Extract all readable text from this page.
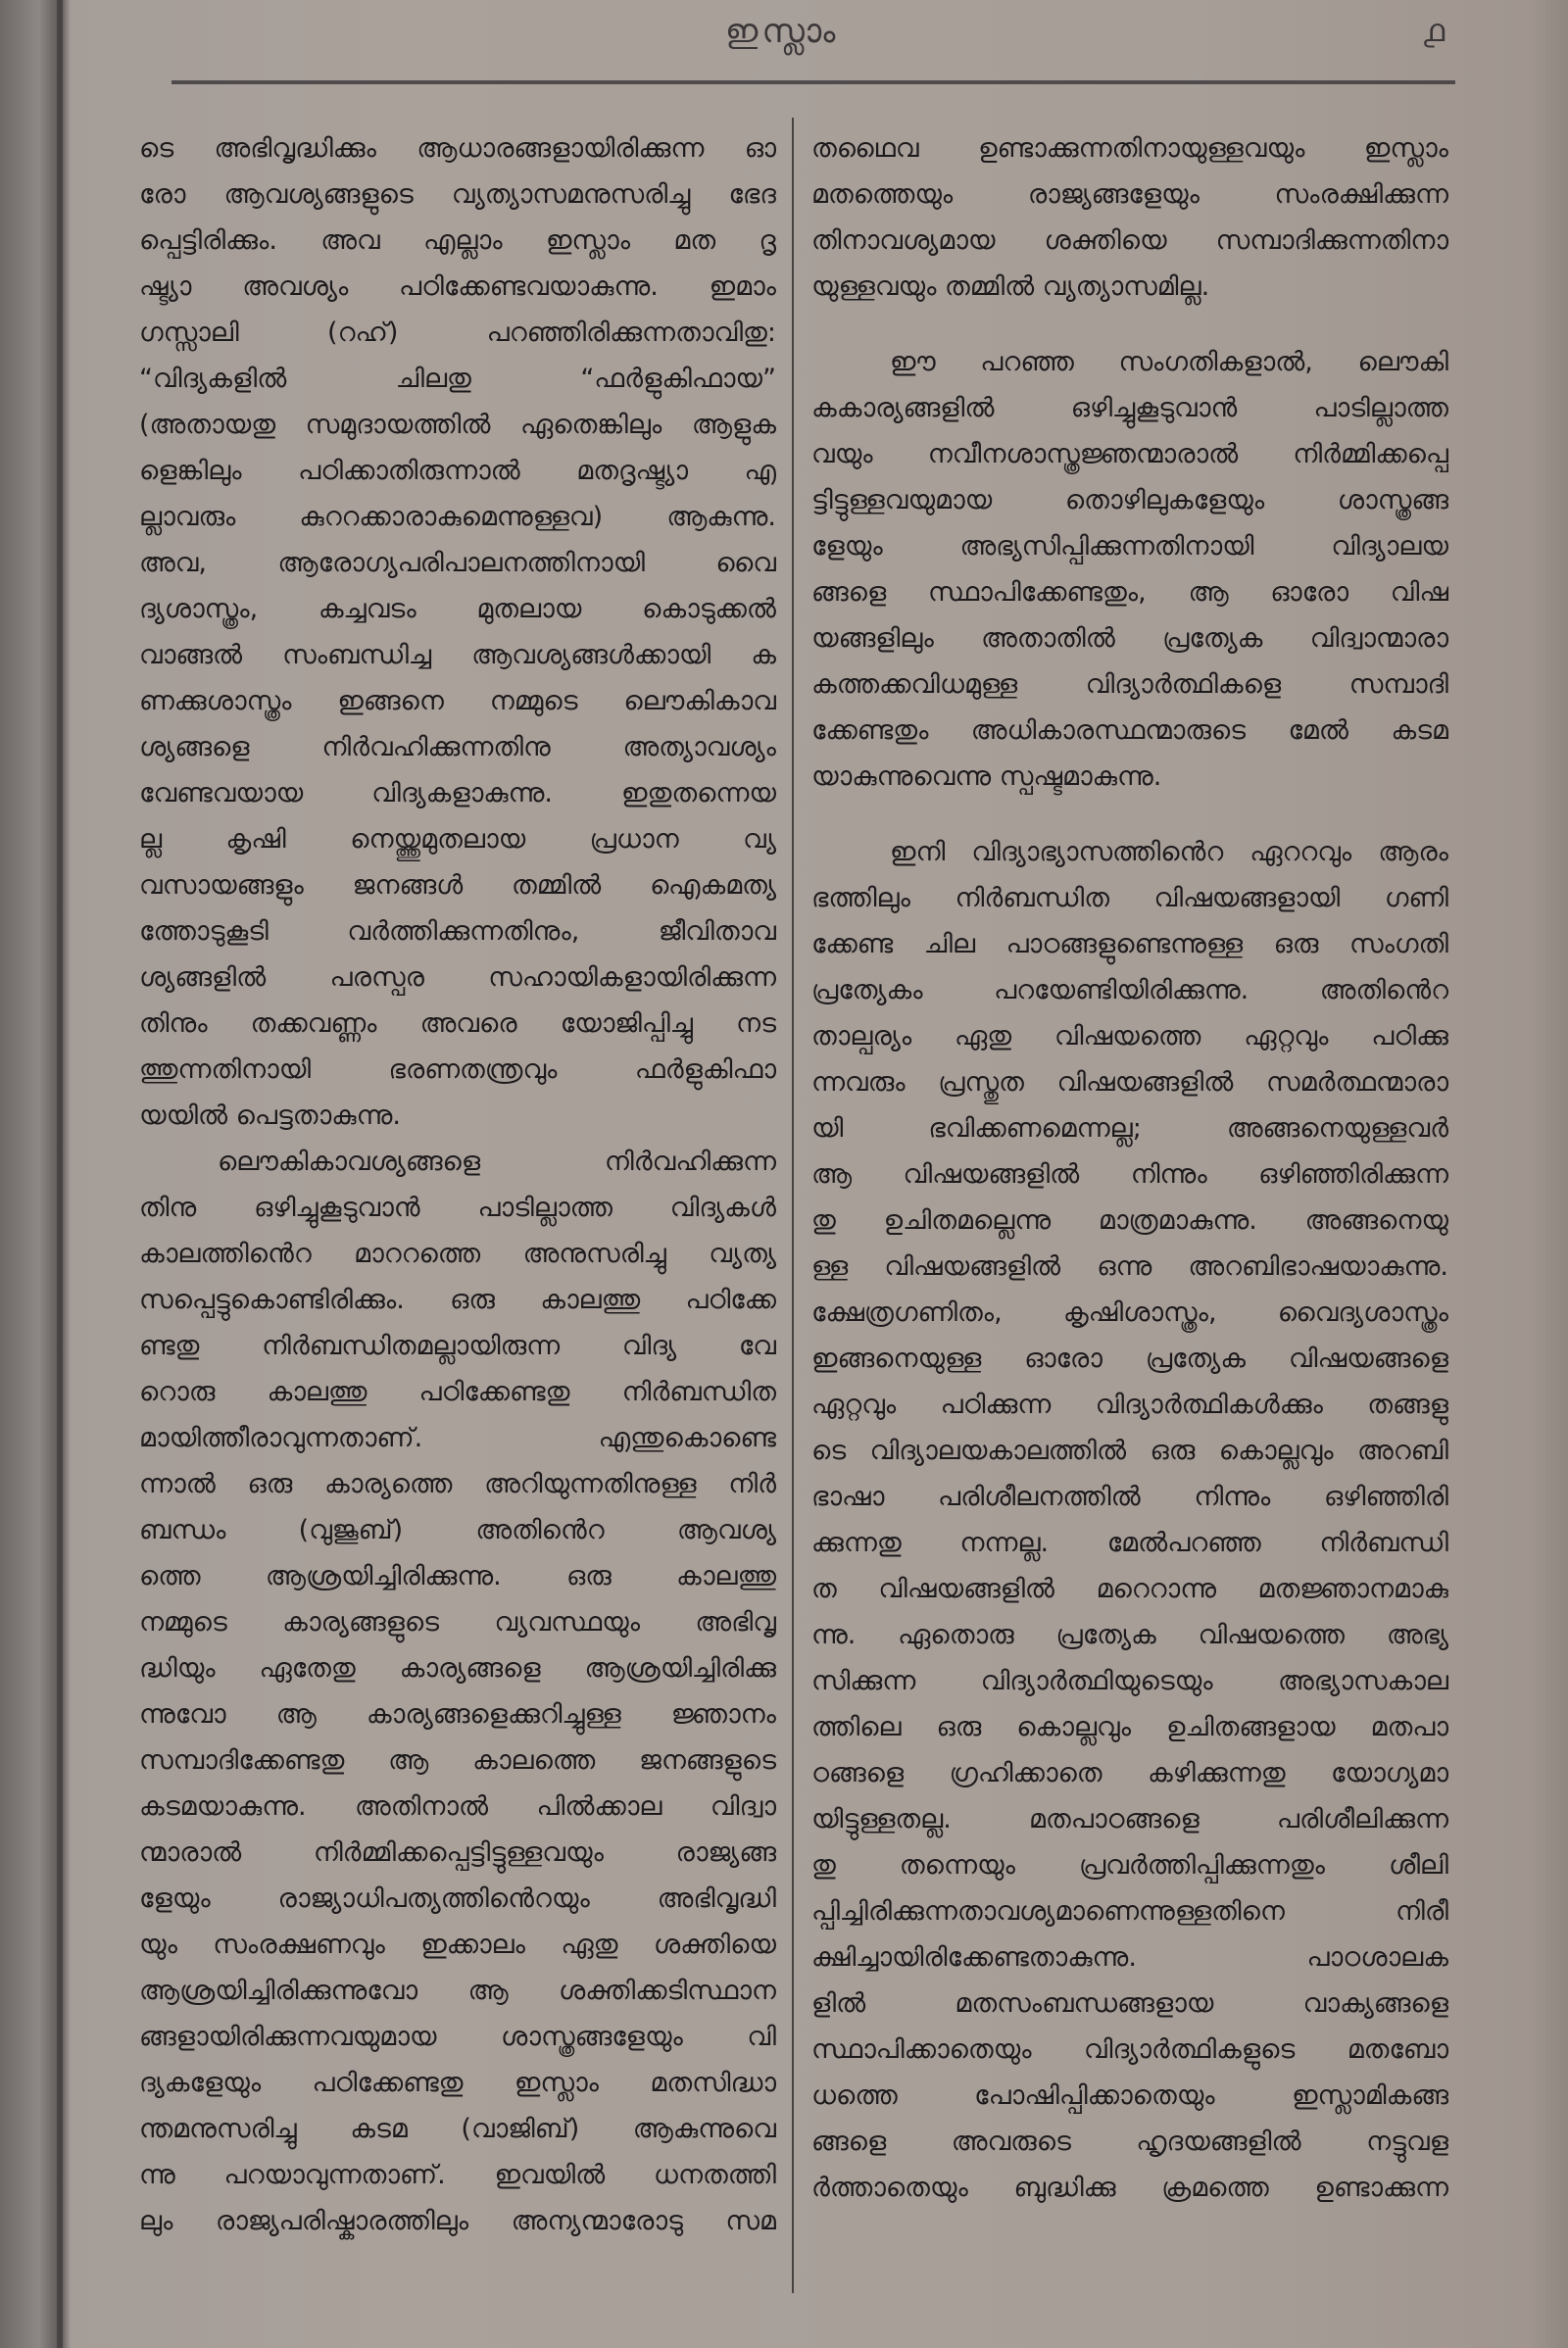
ഇസ്ലാം	൧
ടെ അഭിവൃദ്ധിക്കും ആധാരങ്ങളായിരിക്കുന്ന ഓ
രോ ആവശ്യങ്ങളുടെ വ്യത്യാസമനുസരിച്ചു ഭേദ
പ്പെട്ടിരിക്കും. അവ എല്ലാം ഇസ്ലാം മത ദൃ
ഷ്ട്യാ അവശ്യം പഠിക്കേണ്ടവയാകുന്നു. ഇമാം
ഗസ്സാലി (റഹ്) പറഞ്ഞിരിക്കുന്നതാവിതു:
“വിദ്യകളിൽ ചിലതു “ഫർളുകിഫായ”
(അതായതു സമുദായത്തിൽ ഏതെങ്കിലും ആളുക
ളെങ്കിലും പഠിക്കാതിരുന്നാൽ മതദൃഷ്ട്യാ എ
ല്ലാവരും കുററക്കാരാകുമെന്നുള്ളവ) ആകുന്നു.
അവ, ആരോഗ്യപരിപാലനത്തിനായി വൈ
ദ്യശാസ്ത്രം, കച്ചവടം മുതലായ കൊടുക്കൽ
വാങ്ങൽ സംബന്ധിച്ച ആവശ്യങ്ങൾക്കായി ക
ണക്കുശാസ്ത്രം ഇങ്ങനെ നമ്മുടെ ലൌകികാവ
ശ്യങ്ങളെ നിർവഹിക്കുന്നതിനു അത്യാവശ്യം
വേണ്ടവയായ വിദ്യകളാകുന്നു. ഇതുതന്നെയ
ല്ല കൃഷി നെയ്ത്തുമുതലായ പ്രധാന വ്യ
വസായങ്ങളും ജനങ്ങൾ തമ്മിൽ ഐകമത്യ
ത്തോടുകൂടി വർത്തിക്കുന്നതിനും, ജീവിതാവ
ശ്യങ്ങളിൽ പരസ്പര സഹായികളായിരിക്കുന്ന
തിനും തക്കവണ്ണം അവരെ യോജിപ്പിച്ചു നട
ത്തുന്നതിനായി ഭരണതന്ത്രവും ഫർളുകിഫാ
യയിൽ പെട്ടതാകുന്നു.
ലൌകികാവശ്യങ്ങളെ നിർവഹിക്കുന്ന
തിനു ഒഴിച്ചുകൂടുവാൻ പാടില്ലാത്ത വിദ്യകൾ
കാലത്തിൻെറ മാററത്തെ അനുസരിച്ചു വ്യത്യ
സപ്പെട്ടുകൊണ്ടിരിക്കും. ഒരു കാലത്തു പഠിക്കേ
ണ്ടതു നിർബന്ധിതമല്ലായിരുന്ന വിദ്യ വേ
റൊരു കാലത്തു പഠിക്കേണ്ടതു നിർബന്ധിത
മായിത്തീരാവുന്നതാണ്. എന്തുകൊണ്ടെ
ന്നാൽ ഒരു കാര്യത്തെ അറിയുന്നതിനുള്ള നിർ
ബന്ധം (വുജൂബ്) അതിൻെറ ആവശ്യ
ത്തെ ആശ്രയിച്ചിരിക്കുന്നു. ഒരു കാലത്തു
നമ്മുടെ കാര്യങ്ങളുടെ വ്യവസ്ഥയും അഭിവൃ
ദ്ധിയും ഏതേതു കാര്യങ്ങളെ ആശ്രയിച്ചിരിക്കു
ന്നുവോ ആ കാര്യങ്ങളെക്കുറിച്ചുള്ള ജ്ഞാനം
സമ്പാദിക്കേണ്ടതു ആ കാലത്തെ ജനങ്ങളുടെ
കടമയാകുന്നു. അതിനാൽ പിൽക്കാല വിദ്വാ
ന്മാരാൽ നിർമ്മിക്കപ്പെട്ടിട്ടുള്ളവയും രാജ്യങ്ങ
ളേയും രാജ്യാധിപത്യത്തിൻെറയും അഭിവൃദ്ധി
യും സംരക്ഷണവും ഇക്കാലം ഏതു ശക്തിയെ
ആശ്രയിച്ചിരിക്കുന്നുവോ ആ ശക്തിക്കടിസ്ഥാന
ങ്ങളായിരിക്കുന്നവയുമായ ശാസ്ത്രങ്ങളേയും വി
ദ്യകളേയും പഠിക്കേണ്ടതു ഇസ്ലാം മതസിദ്ധാ
ന്തമനുസരിച്ചു കടമ (വാജിബ്) ആകുന്നുവെ
ന്നു പറയാവുന്നതാണ്. ഇവയിൽ ധനതത്തി
ലും രാജ്യപരിഷ്കാരത്തിലും അന്യന്മാരോടു സമ
തഥൈവ ഉണ്ടാക്കുന്നതിനായുള്ളവയും ഇസ്ലാം
മതത്തെയും രാജ്യങ്ങളേയും സംരക്ഷിക്കുന്ന
തിനാവശ്യമായ ശക്തിയെ സമ്പാദിക്കുന്നതിനാ
യുള്ളവയും തമ്മിൽ വ്യത്യാസമില്ല.
ഈ പറഞ്ഞ സംഗതികളാൽ, ലൌകി
കകാര്യങ്ങളിൽ ഒഴിച്ചുകൂടുവാൻ പാടില്ലാത്ത
വയും നവീനശാസ്ത്രജ്ഞന്മാരാൽ നിർമ്മിക്കപ്പെ
ട്ടിട്ടുള്ളവയുമായ തൊഴിലുകളേയും ശാസ്ത്രങ്ങ
ളേയും അഭ്യസിപ്പിക്കുന്നതിനായി വിദ്യാലയ
ങ്ങളെ സ്ഥാപിക്കേണ്ടതും, ആ ഓരോ വിഷ
യങ്ങളിലും അതാതിൽ പ്രത്യേക വിദ്വാന്മാരാ
കത്തക്കവിധമുള്ള വിദ്യാർത്ഥികളെ സമ്പാദി
ക്കേണ്ടതും അധികാരസ്ഥന്മാരുടെ മേൽ കടമ
യാകുന്നുവെന്നു സ്പഷ്ടമാകുന്നു.
ഇനി വിദ്യാഭ്യാസത്തിൻെറ ഏററവും ആരം
ഭത്തിലും നിർബന്ധിത വിഷയങ്ങളായി ഗണി
ക്കേണ്ട ചില പാഠങ്ങളുണ്ടെന്നുള്ള ഒരു സംഗതി
പ്രത്യേകം പറയേണ്ടിയിരിക്കുന്നു. അതിൻെറ
താല്പര്യം ഏതു വിഷയത്തെ ഏറ്റവും പഠിക്കു
ന്നവരും പ്രസ്തുത വിഷയങ്ങളിൽ സമർത്ഥന്മാരാ
യി ഭവിക്കണമെന്നല്ല; അങ്ങനെയുള്ളവർ
ആ വിഷയങ്ങളിൽ നിന്നും ഒഴിഞ്ഞിരിക്കുന്ന
തു ഉചിതമല്ലെന്നു മാത്രമാകുന്നു. അങ്ങനെയു
ള്ള വിഷയങ്ങളിൽ ഒന്നു അറബിഭാഷയാകുന്നു.
ക്ഷേത്രഗണിതം, കൃഷിശാസ്ത്രം, വൈദ്യശാസ്ത്രം
ഇങ്ങനെയുള്ള ഓരോ പ്രത്യേക വിഷയങ്ങളെ
ഏറ്റവും പഠിക്കുന്ന വിദ്യാർത്ഥികൾക്കും തങ്ങളു
ടെ വിദ്യാലയകാലത്തിൽ ഒരു കൊല്ലവും അറബി
ഭാഷാ പരിശീലനത്തിൽ നിന്നും ഒഴിഞ്ഞിരി
ക്കുന്നതു നന്നല്ല. മേൽപറഞ്ഞ നിർബന്ധി
ത വിഷയങ്ങളിൽ മറെറാന്നു മതജ്ഞാനമാകു
ന്നു. ഏതൊരു പ്രത്യേക വിഷയത്തെ അഭ്യ
സിക്കുന്ന വിദ്യാർത്ഥിയുടെയും അഭ്യാസകാല
ത്തിലെ ഒരു കൊല്ലവും ഉചിതങ്ങളായ മതപാ
ഠങ്ങളെ ഗ്രഹിക്കാതെ കഴിക്കുന്നതു യോഗ്യമാ
യിട്ടുള്ളതല്ല. മതപാഠങ്ങളെ പരിശീലിക്കുന്ന
തു തന്നെയും പ്രവർത്തിപ്പിക്കുന്നതും ശീലി
പ്പിച്ചിരിക്കുന്നതാവശ്യമാണെന്നുള്ളതിനെ നിരീ
ക്ഷിച്ചായിരിക്കേണ്ടതാകുന്നു. പാഠശാലക
ളിൽ മതസംബന്ധങ്ങളായ വാക്യങ്ങളെ
സ്ഥാപിക്കാതെയും വിദ്യാർത്ഥികളുടെ മതബോ
ധത്തെ പോഷിപ്പിക്കാതെയും ഇസ്ലാമികങ്ങ
ങ്ങളെ അവരുടെ ഹൃദയങ്ങളിൽ നട്ടുവള
ർത്താതെയും ബുദ്ധിക്കു ക്രമത്തെ ഉണ്ടാക്കുന്ന
